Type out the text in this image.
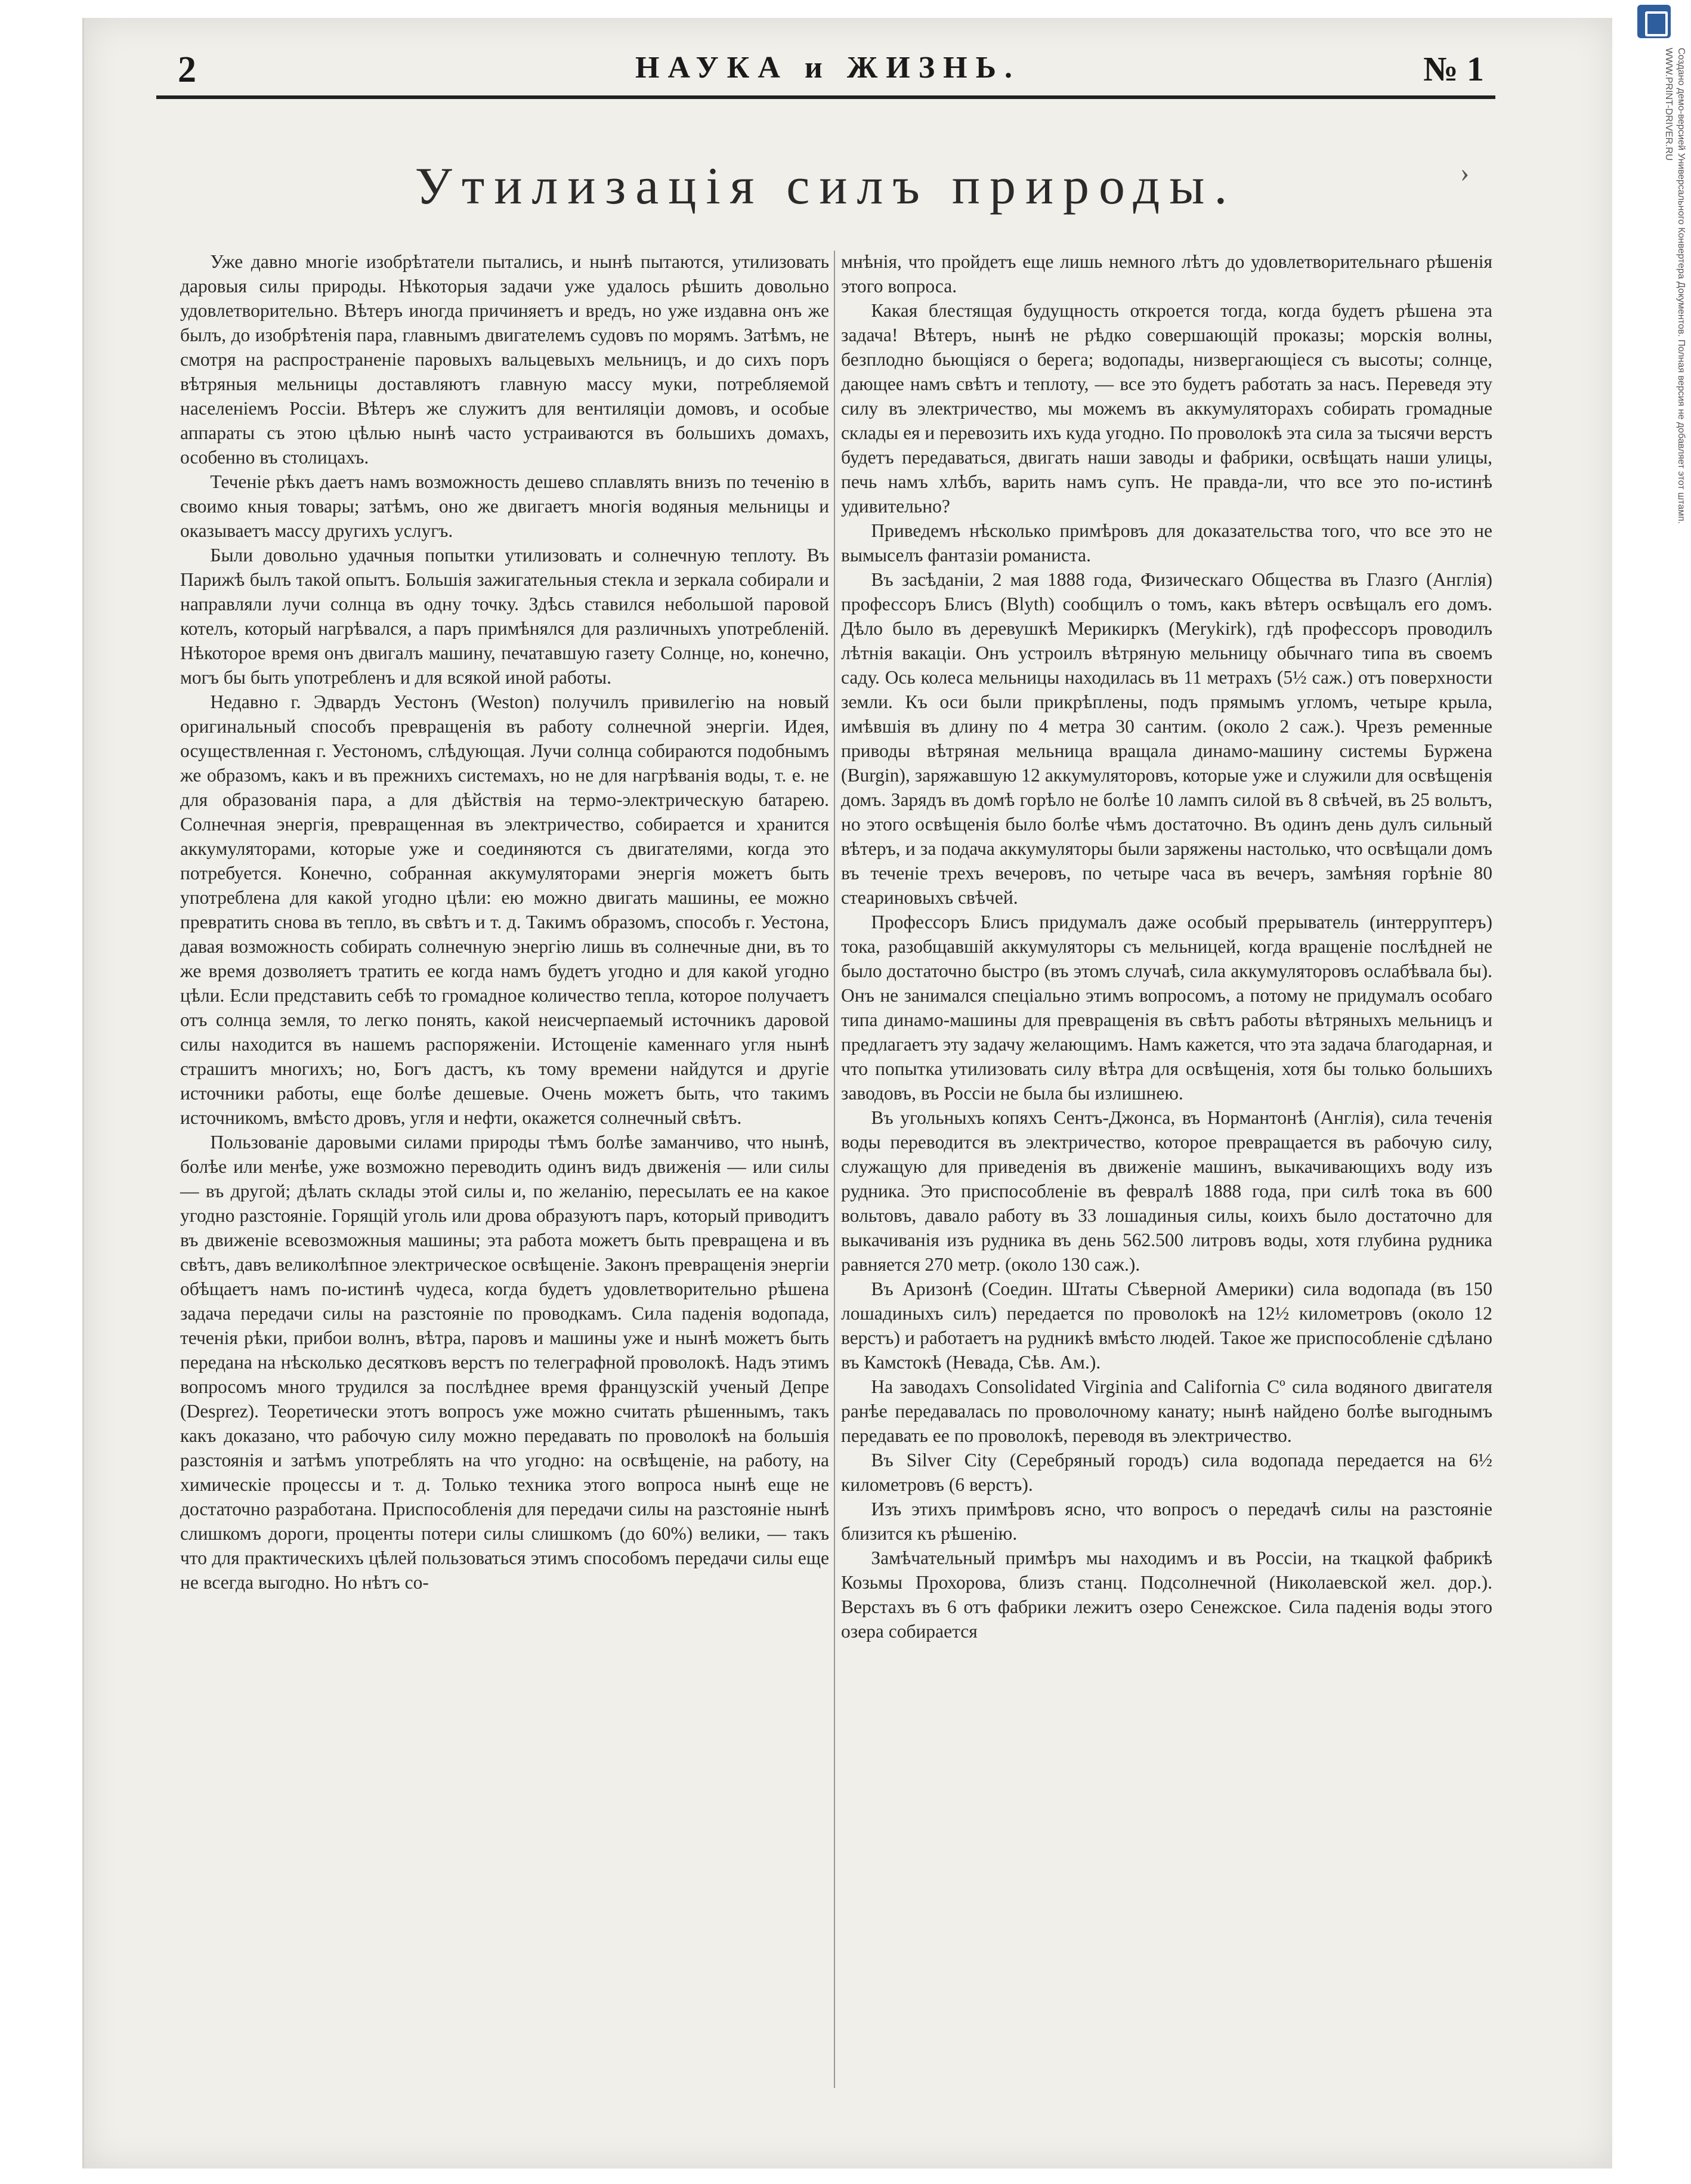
2	НАУКА и ЖИЗНЬ.	№ 1
Утилизація силъ природы.	›

Уже давно многіе изобрѣтатели пытались, и нынѣ пытаются, утилизовать даровыя силы природы. Нѣкоторыя задачи уже удалось рѣшить довольно удовлетворительно. Вѣтеръ иногда причиняетъ и вредъ, но уже издавна онъ же былъ, до изобрѣтенія пара, главнымъ двигателемъ судовъ по морямъ. Затѣмъ, не смотря на распространеніе паровыхъ вальцевыхъ мельницъ, и до сихъ поръ вѣтряныя мельницы доставляютъ главную массу муки, потребляемой населеніемъ Россіи. Вѣтеръ же служитъ для вентиляціи домовъ, и особые аппараты съ этою цѣлью нынѣ часто устраиваются въ большихъ домахъ, особенно въ столицахъ.

Теченіе рѣкъ даетъ намъ возможность дешево сплавлять внизъ по теченію в своимо кныя товары; затѣмъ, оно же двигаетъ многія водяныя мельницы и оказываетъ массу другихъ услугъ.

Были довольно удачныя попытки утилизовать и солнечную теплоту. Въ Парижѣ былъ такой опытъ. Большія зажигательныя стекла и зеркала собирали и направляли лучи солнца въ одну точку. Здѣсь ставился небольшой паровой котелъ, который нагрѣвался, а паръ примѣнялся для различныхъ употребленій. Нѣкоторое время онъ двигалъ машину, печатавшую газету Солнце, но, конечно, могъ бы быть употребленъ и для всякой иной работы.

Недавно г. Эдвардъ Уестонъ (Weston) получилъ привилегію на новый оригинальный способъ превращенія въ работу солнечной энергіи. Идея, осуществленная г. Уестономъ, слѣдующая. Лучи солнца собираются подобнымъ же образомъ, какъ и въ прежнихъ системахъ, но не для нагрѣванія воды, т. е. не для образованія пара, а для дѣйствія на термо-электрическую батарею. Солнечная энергія, превращенная въ электричество, собирается и хранится аккумуляторами, которые уже и соединяются съ двигателями, когда это потребуется. Конечно, собранная аккумуляторами энергія можетъ быть употреблена для какой угодно цѣли: ею можно двигать машины, ее можно превратить снова въ тепло, въ свѣтъ и т. д. Такимъ образомъ, способъ г. Уестона, давая возможность собирать солнечную энергію лишь въ солнечные дни, въ то же время дозволяетъ тратить ее когда намъ будетъ угодно и для какой угодно цѣли. Если представить себѣ то громадное количество тепла, которое получаетъ отъ солнца земля, то легко понять, какой неисчерпаемый источникъ даровой силы находится въ нашемъ распоряженіи. Истощеніе каменнаго угля нынѣ страшитъ многихъ; но, Богъ дастъ, къ тому времени найдутся и другіе источники работы, еще болѣе дешевые. Очень можетъ быть, что такимъ источникомъ, вмѣсто дровъ, угля и нефти, окажется солнечный свѣтъ.

Пользованіе даровыми силами природы тѣмъ болѣе заманчиво, что нынѣ, болѣе или менѣе, уже возможно переводить одинъ видъ движенія — или силы — въ другой; дѣлать склады этой силы и, по желанію, пересылать ее на какое угодно разстояніе. Горящій уголь или дрова образуютъ паръ, который приводитъ въ движеніе всевозможныя машины; эта работа можетъ быть превращена и въ свѣтъ, давъ великолѣпное электрическое освѣщеніе. Законъ превращенія энергіи обѣщаетъ намъ по-истинѣ чудеса, когда будетъ удовлетворительно рѣшена задача передачи силы на разстояніе по проводкамъ. Сила паденія водопада, теченія рѣки, прибои волнъ, вѣтра, паровъ и машины уже и нынѣ можетъ быть передана на нѣсколько десятковъ верстъ по телеграфной проволокѣ. Надъ этимъ вопросомъ много трудился за послѣднее время французскій ученый Депре (Desprez). Теоретически этотъ вопросъ уже можно считать рѣшеннымъ, такъ какъ доказано, что рабочую силу можно передавать по проволокѣ на большія разстоянія и затѣмъ употреблять на что угодно: на освѣщеніе, на работу, на химическіе процессы и т. д. Только техника этого вопроса нынѣ еще не достаточно разработана. Приспособленія для передачи силы на разстояніе нынѣ слишкомъ дороги, проценты потери силы слишкомъ (до 60%) велики, — такъ что для практическихъ цѣлей пользоваться этимъ способомъ передачи силы еще не всегда выгодно. Но нѣтъ со-

мнѣнія, что пройдетъ еще лишь немного лѣтъ до удовлетворительнаго рѣшенія этого вопроса.

Какая блестящая будущность откроется тогда, когда будетъ рѣшена эта задача! Вѣтеръ, нынѣ не рѣдко совершающій проказы; морскія волны, безплодно бьющіяся о берега; водопады, низвергающіеся съ высоты; солнце, дающее намъ свѣтъ и теплоту, — все это будетъ работать за насъ. Переведя эту силу въ электричество, мы можемъ въ аккумуляторахъ собирать громадные склады ея и перевозить ихъ куда угодно. По проволокѣ эта сила за тысячи верстъ будетъ передаваться, двигать наши заводы и фабрики, освѣщать наши улицы, печь намъ хлѣбъ, варить намъ супъ. Не правда-ли, что все это по-истинѣ удивительно?

Приведемъ нѣсколько примѣровъ для доказательства того, что все это не вымыселъ фантазіи романиста.

Въ засѣданіи, 2 мая 1888 года, Физическаго Общества въ Глазго (Англія) профессоръ Блисъ (Blyth) сообщилъ о томъ, какъ вѣтеръ освѣщалъ его домъ. Дѣло было въ деревушкѣ Мерикиркъ (Merykirk), гдѣ профессоръ проводилъ лѣтнія вакаціи. Онъ устроилъ вѣтряную мельницу обычнаго типа въ своемъ саду. Ось колеса мельницы находилась въ 11 метрахъ (5½ саж.) отъ поверхности земли. Къ оси были прикрѣплены, подъ прямымъ угломъ, четыре крыла, имѣвшія въ длину по 4 метра 30 сантим. (около 2 саж.). Чрезъ ременные приводы вѣтряная мельница вращала динамо-машину системы Буржена (Burgin), заряжавшую 12 аккумуляторовъ, которые уже и служили для освѣщенія домъ. Зарядъ въ домѣ горѣло не болѣе 10 лампъ силой въ 8 свѣчей, въ 25 вольтъ, но этого освѣщенія было болѣе чѣмъ достаточно. Въ одинъ день дулъ сильный вѣтеръ, и за подача аккумуляторы были заряжены настолько, что освѣщали домъ въ теченіе трехъ вечеровъ, по четыре часа въ вечеръ, замѣняя горѣніе 80 стеариновыхъ свѣчей.

Профессоръ Блисъ придумалъ даже особый прерыватель (интерруптеръ) тока, разобщавшій аккумуляторы съ мельницей, когда вращеніе послѣдней не было достаточно быстро (въ этомъ случаѣ, сила аккумуляторовъ ослабѣвала бы). Онъ не занимался спеціально этимъ вопросомъ, а потому не придумалъ особаго типа динамо-машины для превращенія въ свѣтъ работы вѣтряныхъ мельницъ и предлагаетъ эту задачу желающимъ. Намъ кажется, что эта задача благодарная, и что попытка утилизовать силу вѣтра для освѣщенія, хотя бы только большихъ заводовъ, въ Россіи не была бы излишнею.

Въ угольныхъ копяхъ Сентъ-Джонса, въ Нормантонѣ (Англія), сила теченія воды переводится въ электричество, которое превращается въ рабочую силу, служащую для приведенія въ движеніе машинъ, выкачивающихъ воду изъ рудника. Это приспособленіе въ февралѣ 1888 года, при силѣ тока въ 600 вольтовъ, давало работу въ 33 лошадиныя силы, коихъ было достаточно для выкачиванія изъ рудника въ день 562.500 литровъ воды, хотя глубина рудника равняется 270 метр. (около 130 саж.).

Въ Аризонѣ (Соедин. Штаты Сѣверной Америки) сила водопада (въ 150 лошадиныхъ силъ) передается по проволокѣ на 12½ километровъ (около 12 верстъ) и работаетъ на рудникѣ вмѣсто людей. Такое же приспособленіе сдѣлано въ Камстокѣ (Невада, Сѣв. Ам.).

На заводахъ Consolidated Virginia and California Cº сила водяного двигателя ранѣе передавалась по проволочному канату; нынѣ найдено болѣе выгоднымъ передавать ее по проволокѣ, переводя въ электричество.

Въ Silver City (Серебряный городъ) сила водопада передается на 6½ километровъ (6 верстъ).

Изъ этихъ примѣровъ ясно, что вопросъ о передачѣ силы на разстояніе близится къ рѣшенію.

Замѣчательный примѣръ мы находимъ и въ Россіи, на ткацкой фабрикѣ Козьмы Прохорова, близъ станц. Подсолнечной (Николаевской жел. дор.). Верстахъ въ 6 отъ фабрики лежитъ озеро Сенежское. Сила паденія воды этого озера собирается

Создано демо-версией Универсального Конвертера Документов. Полная версия не добавляет этот штамп.
WWW.PRINT-DRIVER.RU
